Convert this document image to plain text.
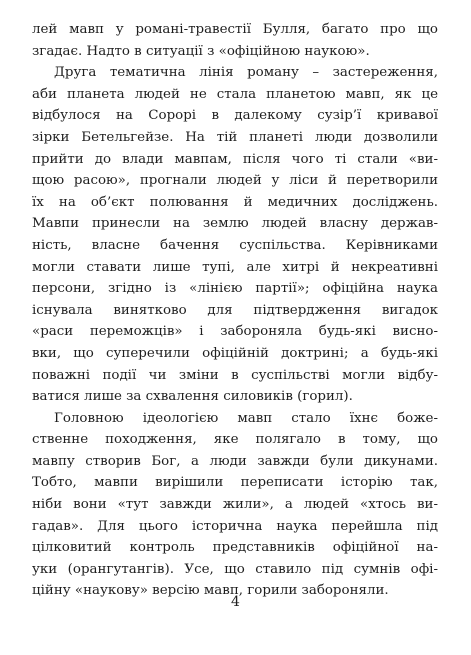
лей мавп у романі-травестії Булля, багато про що
згадає. Надто в ситуації з «офіційною наукою».
Друга тематична лінія роману – застереження,
аби планета людей не стала планетою мавп, як це
відбулося на Сорорі в далекому сузір’ї кривавої
зірки Бетельгейзе. На тій планеті люди дозволили
прийти до влади мавпам, після чого ті стали «ви-
щою расою», прогнали людей у ліси й перетворили
їх на об’єкт полювання й медичних досліджень.
Мавпи принесли на землю людей власну держав-
ність, власне бачення суспільства. Керівниками
могли ставати лише тупі, але хитрі й некреативні
персони, згідно із «лінією партії»; офіційна наука
існувала винятково для підтвердження вигадок
«раси переможців» і забороняла будь-які висно-
вки, що суперечили офіційній доктрині; а будь-які
поважні події чи зміни в суспільстві могли відбу-
ватися лише за схвалення силовиків (горил).
Головною ідеологією мавп стало їхнє боже-
ственне походження, яке полягало в тому, що
мавпу створив Бог, а люди завжди були дикунами.
Тобто, мавпи вирішили переписати історію так,
ніби вони «тут завжди жили», а людей «хтось ви-
гадав». Для цього історична наука перейшла під
цілковитий контроль представників офіційної на-
уки (орангутангів). Усе, що ставило під сумнів офі-
ційну «наукову» версію мавп, горили забороняли.
4
